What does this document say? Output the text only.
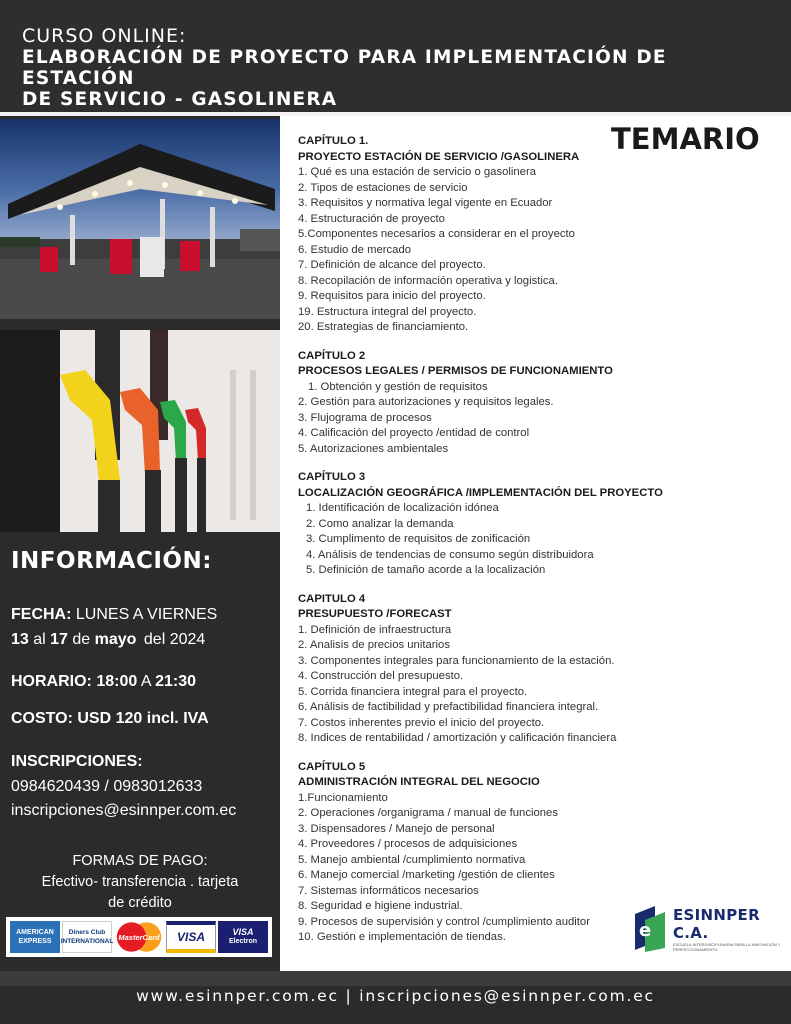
CURSO ONLINE:
ELABORACIÓN DE PROYECTO PARA IMPLEMENTACIÓN DE ESTACIÓN
DE SERVICIO - GASOLINERA
INFORMACIÓN:
FECHA: LUNES A VIERNES
13 al 17 de mayo del 2024
HORARIO: 18:00 A 21:30
COSTO: USD 120 incl. IVA
INSCRIPCIONES:
0984620439 / 0983012633
inscripciones@esinnper.com.ec
FORMAS DE PAGO:
Efectivo- transferencia . tarjeta
de crédito
AMERICAN EXPRESS
Diners Club INTERNATIONAL MasterCard	VISA	VISA
Electron
TEMARIO
CAPÍTULO 1.
PROYECTO ESTACIÓN DE SERVICIO /GASOLINERA
1. Qué es una estación de servicio o gasolinera
2. Tipos de estaciones de servicio
3. Requisitos y normativa legal vigente en Ecuador
4. Estructuración de proyecto
5.Componentes necesarios a considerar en el proyecto
6. Estudio de mercado
7. Definición de alcance del proyecto.
8. Recopilación de información operativa y logistica.
9. Requisitos para inicio del proyecto.
19. Estructura integral del proyecto.
20. Estrategias de financiamiento.
CAPÍTULO 2
PROCESOS LEGALES / PERMISOS DE FUNCIONAMIENTO
1. Obtención y gestión de requisitos
2. Gestión para autorizaciones y requisitos legales.
3. Flujograma de procesos
4. Calificación del proyecto /entidad de control
5. Autorizaciones ambientales
CAPÍTULO 3
LOCALIZACIÓN GEOGRÁFICA /IMPLEMENTACIÓN DEL PROYECTO
1. Identificación de localización idónea
2. Como analizar la demanda
3. Cumplimento de requisitos de zonificación
4. Análisis de tendencias de consumo según distribuidora
5. Definición de tamaño acorde a la localización
CAPITULO 4
PRESUPUESTO /FORECAST
1. Definición de infraestructura
2. Analisis de precios unitarios
3. Componentes integrales para funcionamiento de la estación.
4. Construcción del presupuesto.
5. Corrida financiera integral para el proyecto.
6. Análisis de factibilidad y prefactibilidad financiera integral.
7. Costos inherentes previo el inicio del proyecto.
8. Indices de rentabilidad / amortización y calificación financiera
CAPÍTULO 5
ADMINISTRACIÓN INTEGRAL DEL NEGOCIO
1.Funcionamiento
2. Operaciones /organigrama / manual de funciones
3. Dispensadores / Manejo de personal
4. Proveedores / procesos de adquisiciones
5. Manejo ambiental /cumplimiento normativa
6. Manejo comercial /marketing /gestión de clientes
7. Sistemas informáticos necesarios
8. Seguridad e higiene industrial.
9. Procesos de supervisión y control /cumplimiento auditor
10. Gestión e implementación de tiendas.	e
ESINNPER C.A.
ESCUELA INTERDISCIPLINARIA PARA LA INNOVACIÓN Y PERFECCIONAMIENTO
www.esinnper.com.ec | inscripciones@esinnper.com.ec
